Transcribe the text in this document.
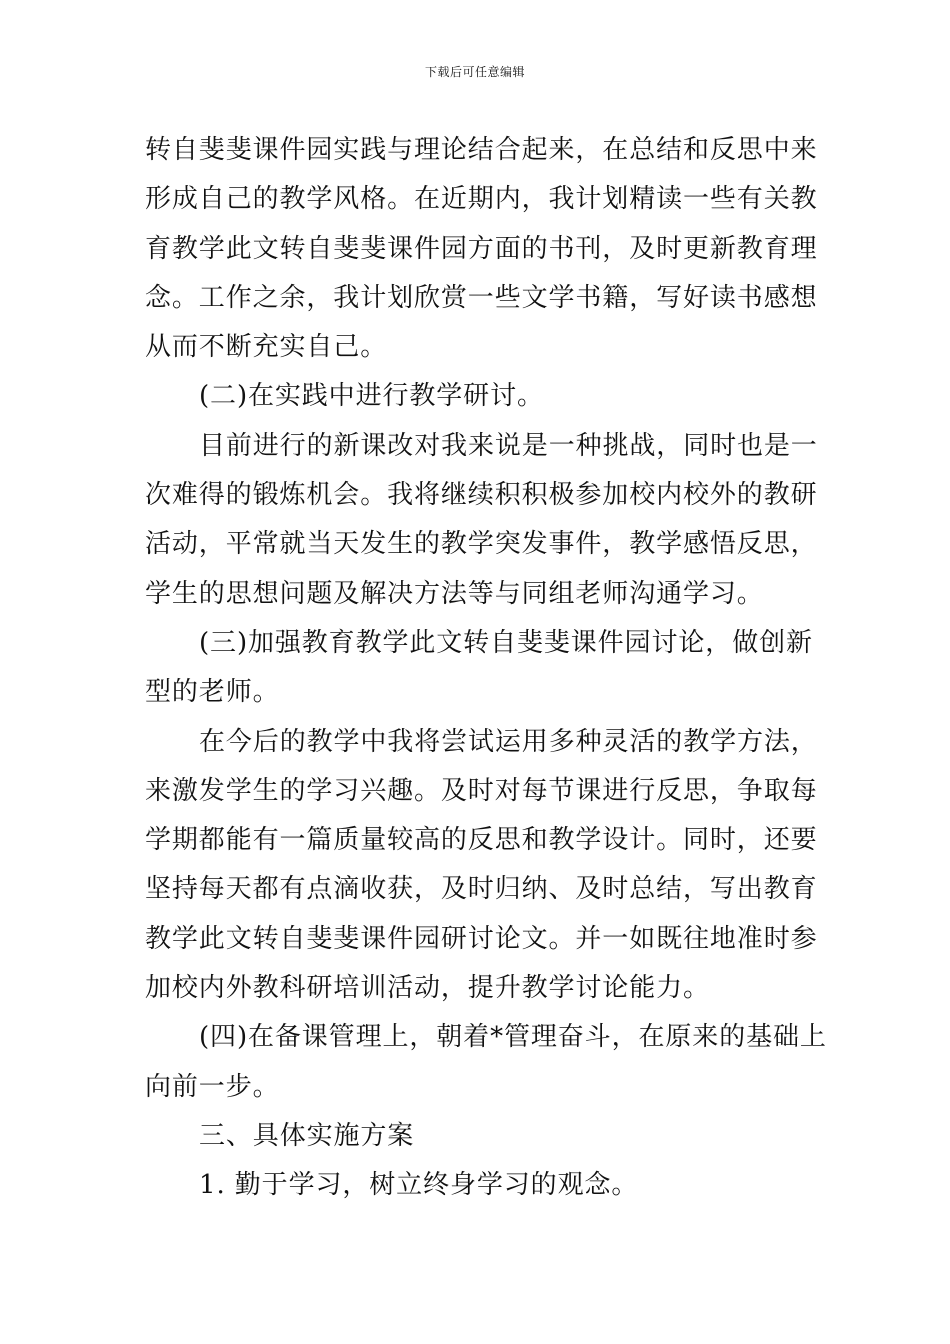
下载后可任意编辑
转自斐斐课件园实践与理论结合起来，在总结和反思中来
形成自己的教学风格。在近期内，我计划精读一些有关教
育教学此文转自斐斐课件园方面的书刊，及时更新教育理
念。工作之余，我计划欣赏一些文学书籍，写好读书感想
从而不断充实自己。
(二)在实践中进行教学研讨。
目前进行的新课改对我来说是一种挑战，同时也是一
次难得的锻炼机会。我将继续积积极参加校内校外的教研
活动，平常就当天发生的教学突发事件，教学感悟反思，
学生的思想问题及解决方法等与同组老师沟通学习。
(三)加强教育教学此文转自斐斐课件园讨论，做创新
型的老师。
在今后的教学中我将尝试运用多种灵活的教学方法，
来激发学生的学习兴趣。及时对每节课进行反思，争取每
学期都能有一篇质量较高的反思和教学设计。同时，还要
坚持每天都有点滴收获，及时归纳、及时总结，写出教育
教学此文转自斐斐课件园研讨论文。并一如既往地准时参
加校内外教科研培训活动，提升教学讨论能力。
(四)在备课管理上，朝着*管理奋斗，在原来的基础上
向前一步。
三、具体实施方案
1. 勤于学习，树立终身学习的观念。
